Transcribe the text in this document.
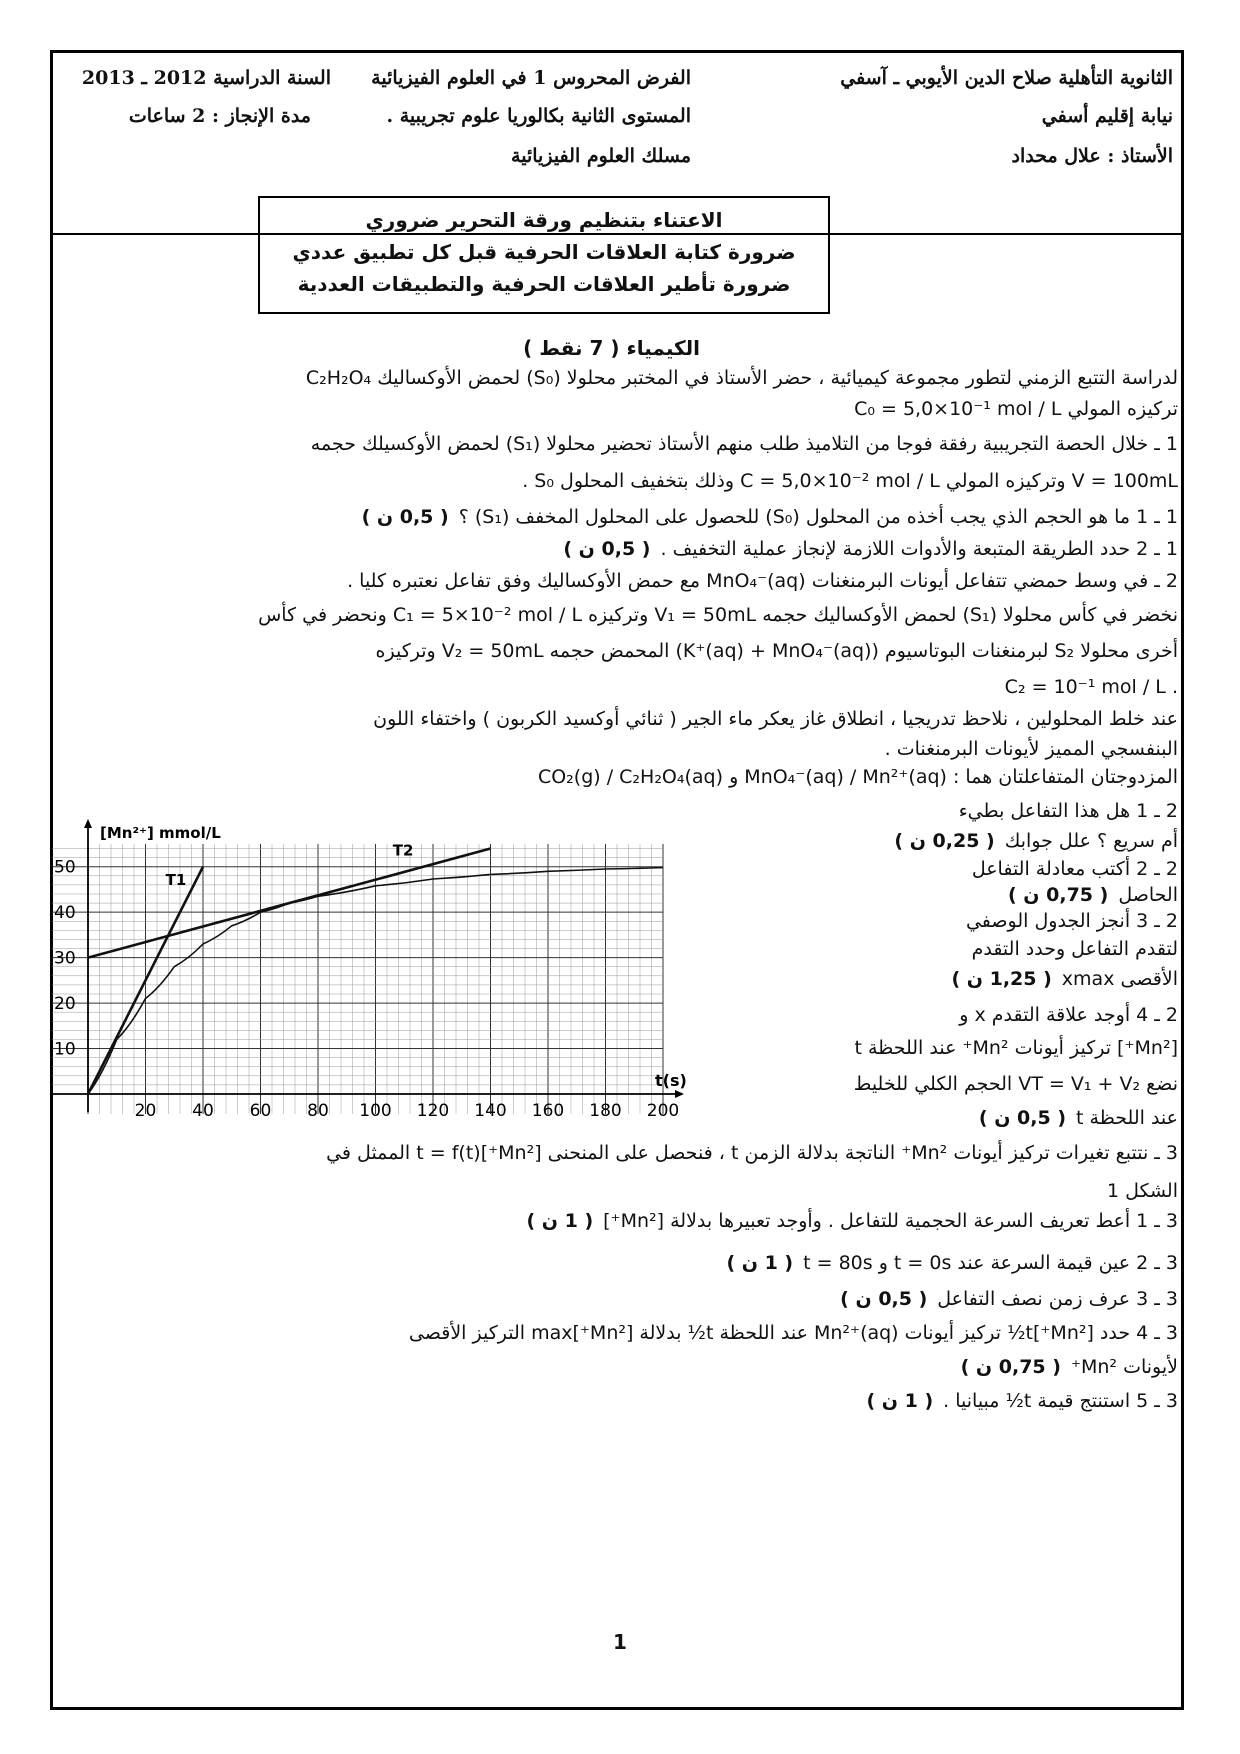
الثانوية التأهلية صلاح الدين الأيوبي ـ آسفي
نيابة إقليم أسفي
الأستاذ : علال محداد
الفرض المحروس 1 في العلوم الفيزيائية
المستوى الثانية بكالوريا علوم تجريبية .
مسلك العلوم الفيزيائية
السنة الدراسية 2012 ـ 2013
مدة الإنجاز : 2 ساعات
الاعتناء بتنظيم ورقة التحرير ضروري
ضرورة كتابة العلاقات الحرفية قبل كل تطبيق عددي
ضرورة تأطير العلاقات الحرفية والتطبيقات العددية
الكيمياء ( 7 نقط )
لدراسة التتبع الزمني لتطور مجموعة كيميائية ، حضر الأستاذ في المختبر محلولا (S₀) لحمض الأوكساليك C₂H₂O₄
تركيزه المولي C₀ = 5,0×10⁻¹ mol / L
1 ـ خلال الحصة التجريبية رفقة فوجا من التلاميذ طلب منهم الأستاذ تحضير محلولا (S₁) لحمض الأوكسيلك حجمه
V = 100mL وتركيزه المولي C = 5,0×10⁻² mol / L وذلك بتخفيف المحلول S₀ .
1 ـ 1 ما هو الحجم الذي يجب أخذه من المحلول (S₀) للحصول على المحلول المخفف (S₁) ؟( 0,5 ن )
1 ـ 2 حدد الطريقة المتبعة والأدوات اللازمة لإنجاز عملية التخفيف .( 0,5 ن )
2 ـ في وسط حمضي تتفاعل أيونات البرمنغنات MnO₄⁻(aq) مع حمض الأوكساليك وفق تفاعل نعتبره كليا .
نخضر في كأس محلولا (S₁) لحمض الأوكساليك حجمه V₁ = 50mL وتركيزه C₁ = 5×10⁻² mol / L ونحضر في كأس
أخرى محلولا S₂ لبرمنغنات البوتاسيوم (K⁺(aq) + MnO₄⁻(aq)) المحمض حجمه V₂ = 50mL وتركيزه
. C₂ = 10⁻¹ mol / L
عند خلط المحلولين ، نلاحظ تدريجيا ، انطلاق غاز يعكر ماء الجير ( ثنائي أوكسيد الكربون ) واختفاء اللون
البنفسجي المميز لأيونات البرمنغنات .
المزدوجتان المتفاعلتان هما : MnO₄⁻(aq) / Mn²⁺(aq) و CO₂(g) / C₂H₂O₄(aq)
2 ـ 1 هل هذا التفاعل بطيء
أم سريع ؟ علل جوابك( 0,25 ن )
2 ـ 2 أكتب معادلة التفاعل
الحاصل( 0,75 ن )
2 ـ 3 أنجز الجدول الوصفي
لتقدم التفاعل وحدد التقدم
الأقصى xmax( 1,25 ن )
2 ـ 4 أوجد علاقة التقدم x و
[Mn²⁺] تركيز أيونات Mn²⁺ عند اللحظة t
نضع VT = V₁ + V₂ الحجم الكلي للخليط
عند اللحظة t( 0,5 ن )
3 ـ نتتبع تغيرات تركيز أيونات Mn²⁺ الناتجة بدلالة الزمن t ، فنحصل على المنحنى [Mn²⁺]t = f(t) الممثل في
الشكل 1
3 ـ 1 أعط تعريف السرعة الحجمية للتفاعل . وأوجد تعبيرها بدلالة [Mn²⁺]( 1 ن )
3 ـ 2 عين قيمة السرعة عند t = 0s و t = 80s( 1 ن )
3 ـ 3 عرف زمن نصف التفاعل( 0,5 ن )
3 ـ 4 حدد [Mn²⁺]t½ تركيز أيونات Mn²⁺(aq) عند اللحظة t½ بدلالة [Mn²⁺]max التركيز الأقصى
لأيونات Mn²⁺( 0,75 ن )
3 ـ 5 استنتج قيمة t½ مبيانيا .( 1 ن )
20 40 60 80 100 120 140 160 180 200
10
20
30
40
50
[Mn²⁺] mmol/L
t(s)
T1
T2
1
